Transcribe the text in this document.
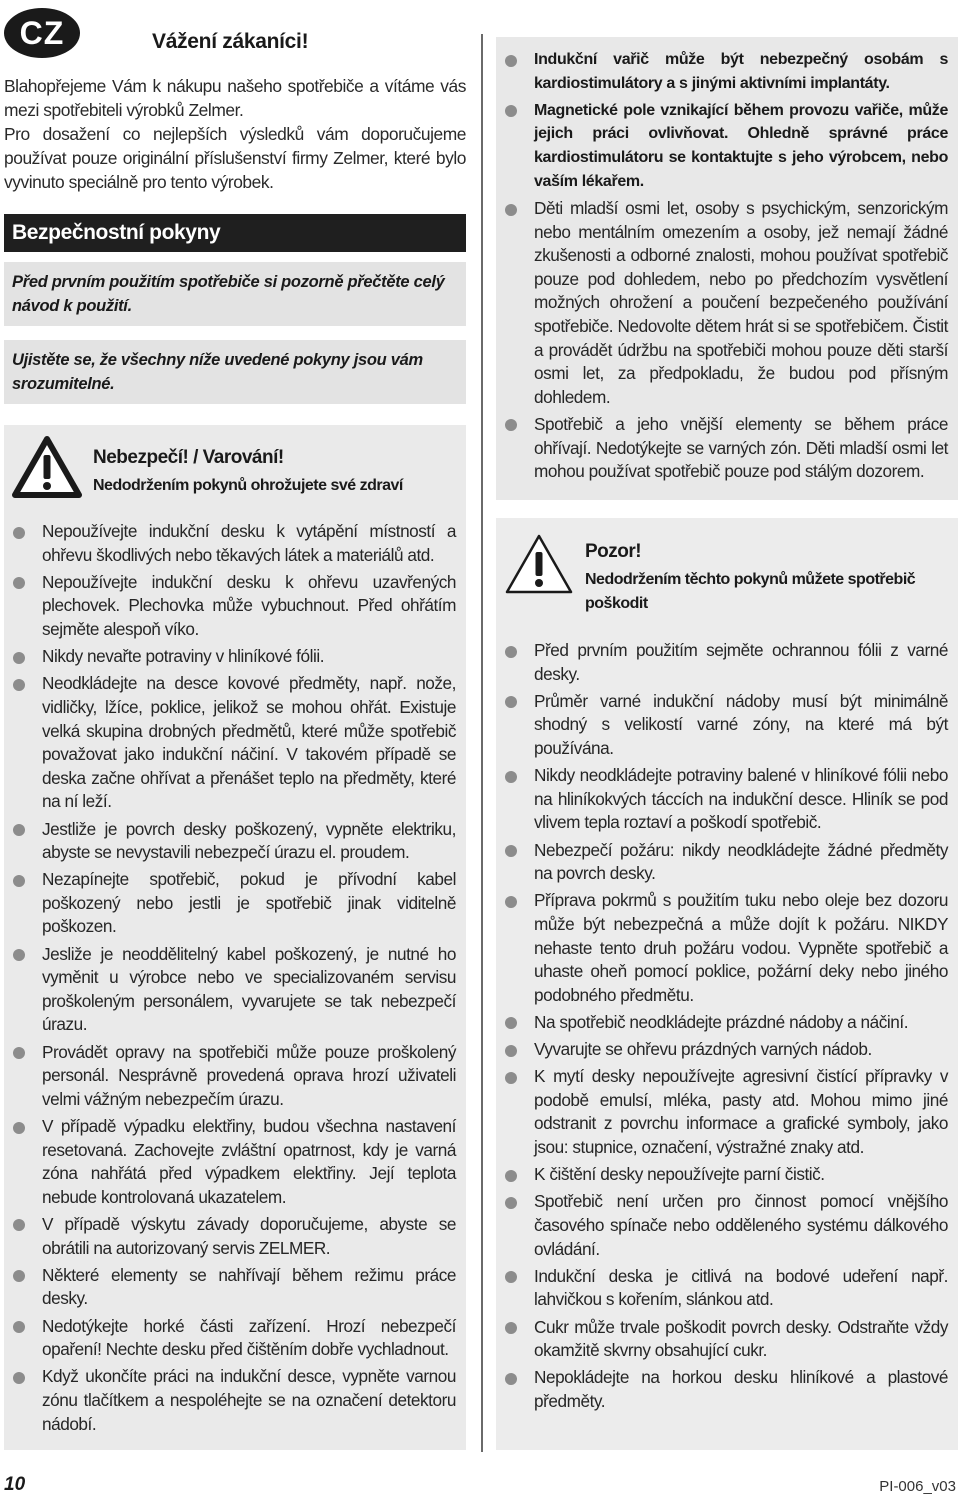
CZ	Vážení zákaníci!

Blahopřejeme Vám k nákupu našeho spotřebiče a vítáme vás mezi spotřebiteli výrobků Zelmer.

Pro dosažení co nejlepších výsledků vám doporučujeme používat pouze originální příslušenství firmy Zelmer, které bylo vyvinuto speciálně pro tento výrobek.

Bezpečnostní pokyny
Před prvním použitím spotřebiče si pozorně přečtěte celý návod k použití.
Ujistěte se, že všechny níže uvedené pokyny jsou vám srozumitelné.
Nebezpečí! / Varování!
Nedodržením pokynů ohrožujete své zdraví
Nepoužívejte indukční desku k vytápění místností a ohřevu škodlivých nebo těkavých látek a materiálů atd.
Nepoužívejte indukční desku k ohřevu uzavřených plechovek. Plechovka může vybuchnout. Před ohřátím sejměte alespoň víko.
Nikdy nevařte potraviny v hliníkové fólii.
Neodkládejte na desce kovové předměty, např. nože, vidličky, lžíce, poklice, jelikož se mohou ohřát. Existuje velká skupina drobných předmětů, které může spotřebič považovat jako indukční náčiní. V takovém případě se deska začne ohřívat a přenášet teplo na předměty, které na ní leží.
Jestliže je povrch desky poškozený, vypněte elektriku, abyste se nevystavili nebezpečí úrazu el. proudem.
Nezapínejte spotřebič, pokud je přívodní kabel poškozený nebo jestli je spotřebič jinak viditelně poškozen.
Jesliže je neoddělitelný kabel poškozený, je nutné ho vyměnit u výrobce nebo ve specializovaném servisu proškoleným personálem, vyvarujete se tak nebezpečí úrazu.
Provádět opravy na spotřebiči může pouze proškolený personál. Nesprávně provedená oprava hrozí uživateli velmi vážným nebezpečím úrazu.
V případě výpadku elektřiny, budou všechna nastavení resetovaná. Zachovejte zvláštní opatrnost, kdy je varná zóna nahřátá před výpadkem elektřiny. Její teplota nebude kontrolovaná ukazatelem.
V případě výskytu závady doporučujeme, abyste se obrátili na autorizovaný servis ZELMER.
Některé elementy se nahřívají během režimu práce desky.
Nedotýkejte horké části zařízení. Hrozí nebezpečí opaření! Nechte desku před čištěním dobře vychladnout.
Když ukončíte práci na indukční desce, vypněte varnou zónu tlačítkem a nespoléhejte se na označení detektoru nádobí.
Indukční vařič může být nebezpečný osobám s kardiostimulátory a s jinými aktivními implantáty.
Magnetické pole vznikající během provozu vařiče, může jejich práci ovlivňovat. Ohledně správné práce kardiostimulátoru se kontaktujte s jeho výrobcem, nebo vaším lékařem.
Děti mladší osmi let, osoby s psychickým, senzorickým nebo mentálním omezením a osoby, jež nemají žádné zkušenosti a odborné znalosti, mohou používat spotřebič pouze pod dohledem, nebo po předchozím vysvětlení možných ohrožení a poučení bezpečeného používání spotřebiče. Nedovolte dětem hrát si se spotřebičem. Čistit a provádět údržbu na spotřebiči mohou pouze děti starší osmi let, za předpokladu, že budou pod přísným dohledem.
Spotřebič a jeho vnější elementy se během práce ohřívají. Nedotýkejte se varných zón. Děti mladší osmi let mohou používat spotřebič pouze pod stálým dozorem.
Pozor!
Nedodržením těchto pokynů můžete spotřebič poškodit
Před prvním použitím sejměte ochrannou fólii z varné desky.
Průměr varné indukční nádoby musí být minimálně shodný s velikostí varné zóny, na které má být používána.
Nikdy neodkládejte potraviny balené v hliníkové fólii nebo na hliníkokvých táccích na indukční desce. Hliník se pod vlivem tepla roztaví a poškodí spotřebič.
Nebezpečí požáru: nikdy neodkládejte žádné předměty na povrch desky.
Příprava pokrmů s použitím tuku nebo oleje bez dozoru může být nebezpečná a může dojít k požáru. NIKDY nehaste tento druh požáru vodou. Vypněte spotřebič a uhaste oheň pomocí poklice, požární deky nebo jiného podobného předmětu.
Na spotřebič neodkládejte prázdné nádoby a náčiní.
Vyvarujte se ohřevu prázdných varných nádob.
K mytí desky nepoužívejte agresivní čistící přípravky v podobě emulsí, mléka, pasty atd. Mohou mimo jiné odstranit z povrchu informace a grafické symboly, jako jsou: stupnice, označení, výstražné znaky atd.
K čištění desky nepoužívejte parní čistič.
Spotřebič není určen pro činnost pomocí vnějšího časového spínače nebo odděleného systému dálkového ovládání.
Indukční deska je citlivá na bodové udeření např. lahvičkou s kořením, slánkou atd.
Cukr může trvale poškodit povrch desky. Odstraňte vždy okamžitě skvrny obsahující cukr.
Nepokládejte na horkou desku hliníkové a plastové předměty.
10	PI-006_v03
